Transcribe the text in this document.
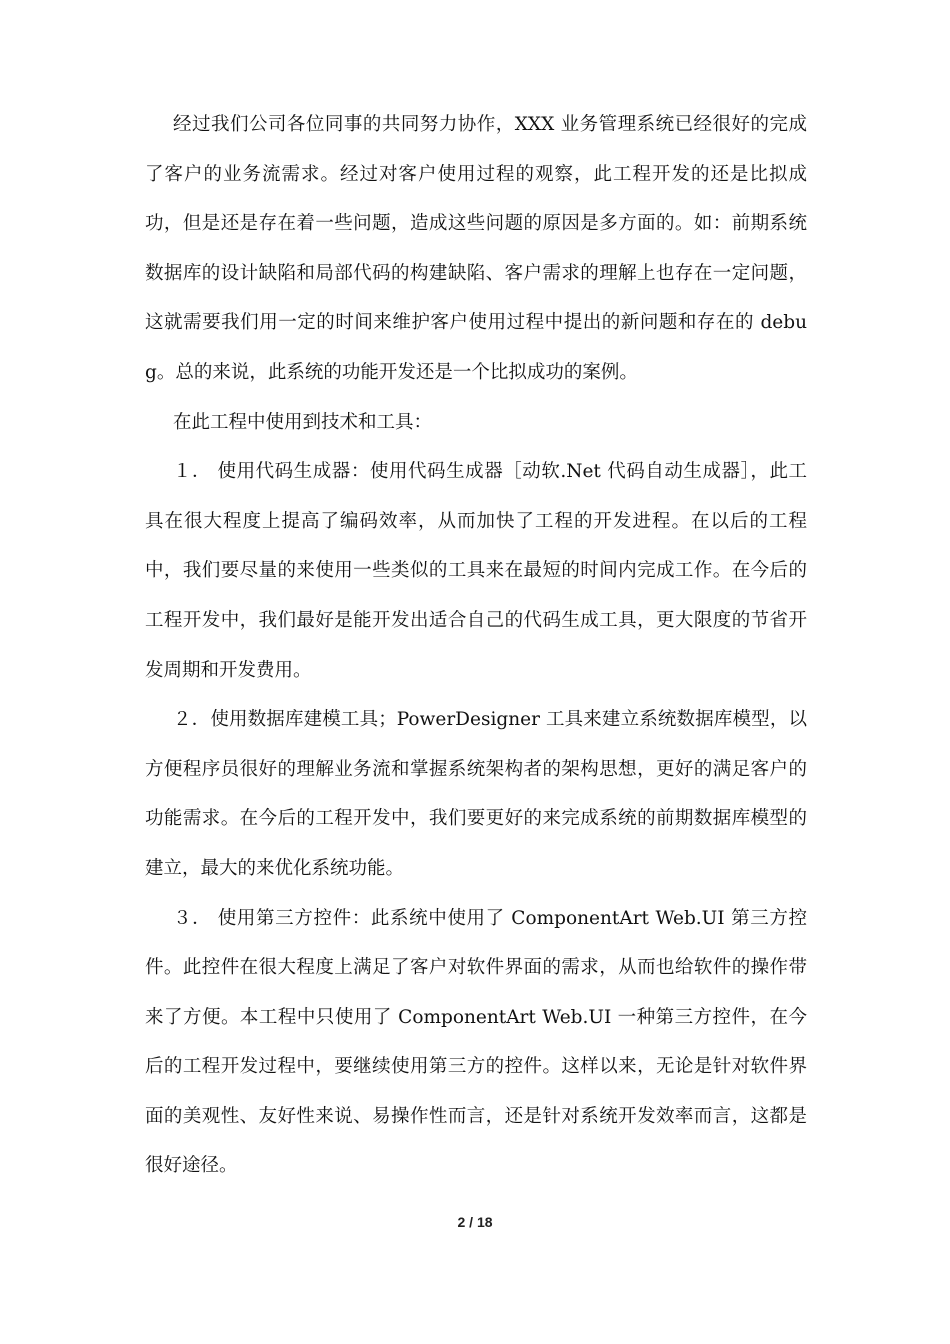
经过我们公司各位同事的共同努力协作，XXX 业务管理系统已经很好的完成了客户的业务流需求。经过对客户使用过程的观察，此工程开发的还是比拟成功，但是还是存在着一些问题，造成这些问题的原因是多方面的。如：前期系统数据库的设计缺陷和局部代码的构建缺陷、客户需求的理解上也存在一定问题，这就需要我们用一定的时间来维护客户使用过程中提出的新问题和存在的 debug。总的来说，此系统的功能开发还是一个比拟成功的案例。

在此工程中使用到技术和工具：

１． 使用代码生成器：使用代码生成器［动软.Net 代码自动生成器］，此工具在很大程度上提高了编码效率，从而加快了工程的开发进程。在以后的工程中，我们要尽量的来使用一些类似的工具来在最短的时间内完成工作。在今后的工程开发中，我们最好是能开发出适合自己的代码生成工具，更大限度的节省开发周期和开发费用。

２．使用数据库建模工具；PowerDesigner 工具来建立系统数据库模型，以方便程序员很好的理解业务流和掌握系统架构者的架构思想，更好的满足客户的功能需求。在今后的工程开发中，我们要更好的来完成系统的前期数据库模型的建立，最大的来优化系统功能。

３． 使用第三方控件：此系统中使用了 ComponentArt Web.UI 第三方控件。此控件在很大程度上满足了客户对软件界面的需求，从而也给软件的操作带来了方便。本工程中只使用了 ComponentArt Web.UI 一种第三方控件，在今后的工程开发过程中，要继续使用第三方的控件。这样以来，无论是针对软件界面的美观性、友好性来说、易操作性而言，还是针对系统开发效率而言，这都是很好途径。

2 / 18
